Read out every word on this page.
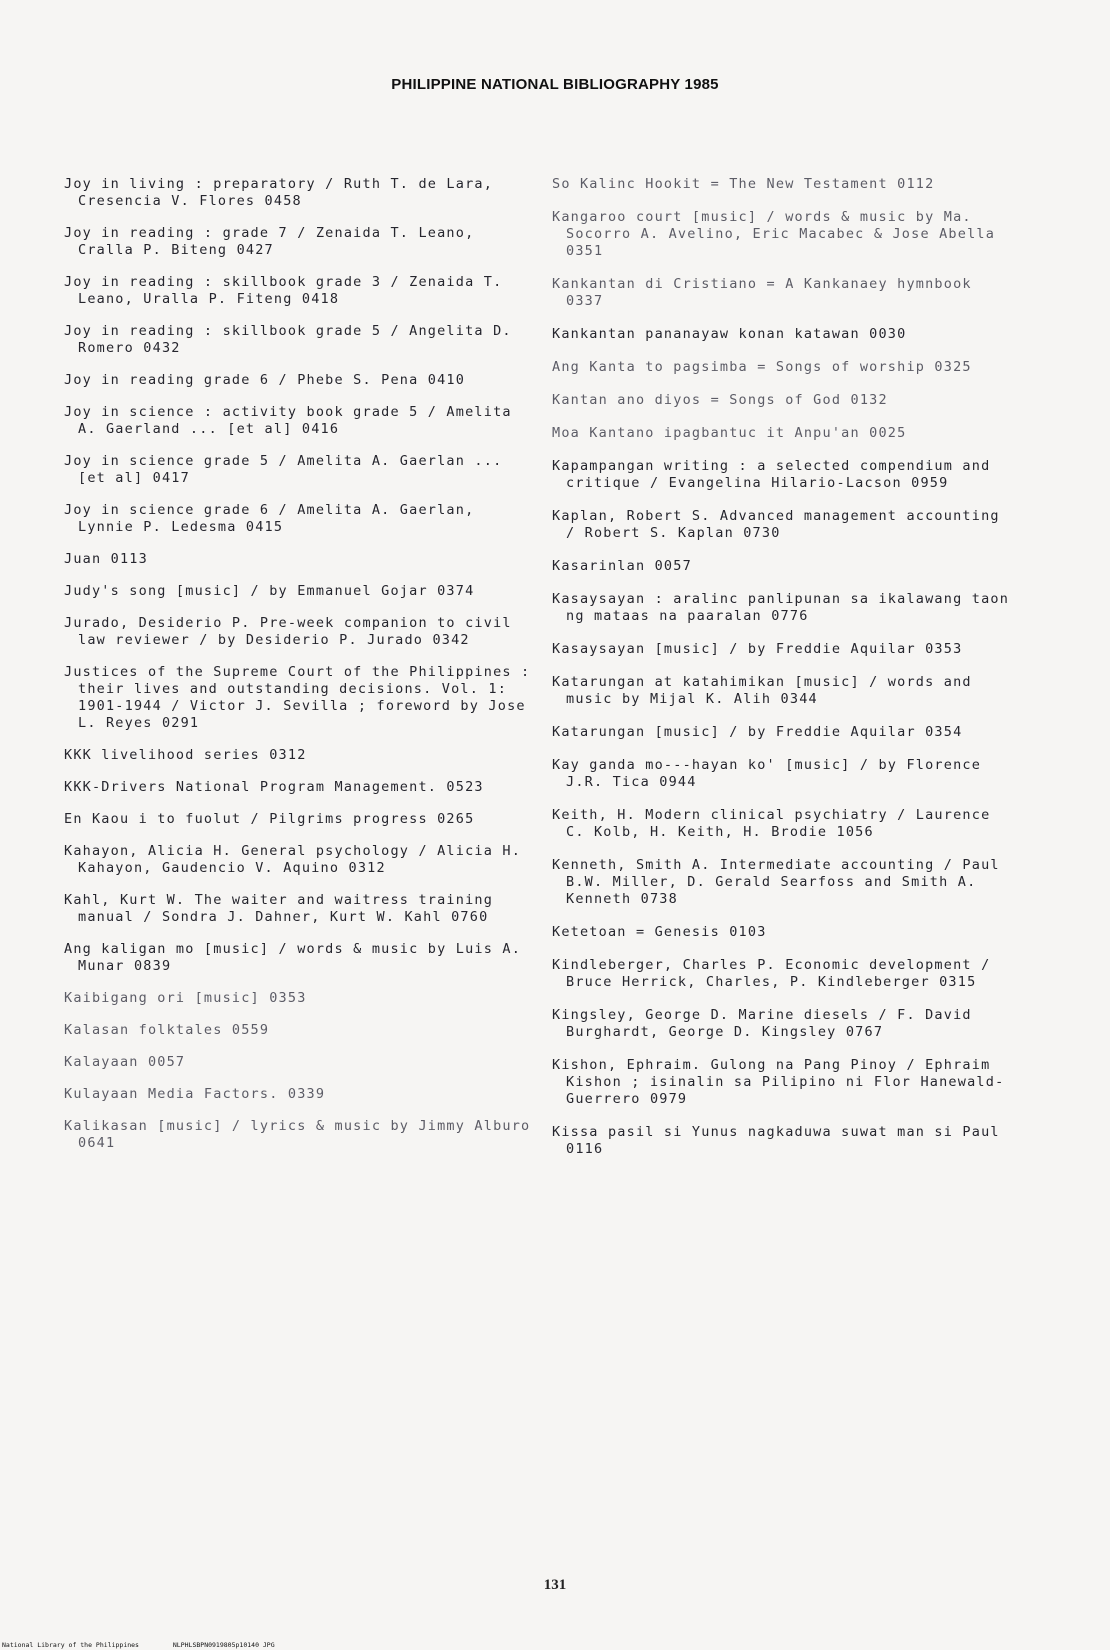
PHILIPPINE NATIONAL BIBLIOGRAPHY 1985

Joy in living : preparatory / Ruth T. de Lara, Cresencia V. Flores 0458

Joy in reading : grade 7 / Zenaida T. Leano, Cralla P. Biteng 0427

Joy in reading : skillbook grade 3 / Zenaida T. Leano, Uralla P. Fiteng 0418

Joy in reading : skillbook grade 5 / Angelita D. Romero 0432

Joy in reading grade 6 / Phebe S. Pena 0410

Joy in science : activity book grade 5 / Amelita A. Gaerland ... [et al] 0416

Joy in science grade 5 / Amelita A. Gaerlan ... [et al] 0417

Joy in science grade 6 / Amelita A. Gaerlan, Lynnie P. Ledesma 0415

Juan 0113

Judy's song [music] / by Emmanuel Gojar 0374

Jurado, Desiderio P. Pre-week companion to civil law reviewer / by Desiderio P. Jurado 0342

Justices of the Supreme Court of the Philippines : their lives and outstanding decisions. Vol. 1: 1901-1944 / Victor J. Sevilla ; foreword by Jose L. Reyes 0291

KKK livelihood series 0312

KKK-Drivers National Program Management. 0523

En Kaou i to fuolut / Pilgrims progress 0265

Kahayon, Alicia H. General psychology / Alicia H. Kahayon, Gaudencio V. Aquino 0312

Kahl, Kurt W. The waiter and waitress training manual / Sondra J. Dahner, Kurt W. Kahl 0760

Ang kaligan mo [music] / words & music by Luis A. Munar 0839

Kaibigang ori [music] 0353

Kalasan folktales 0559

Kalayaan 0057

Kulayaan Media Factors. 0339

Kalikasan [music] / lyrics & music by Jimmy Alburo 0641

So Kalinc Hookit = The New Testament 0112

Kangaroo court [music] / words & music by Ma. Socorro A. Avelino, Eric Macabec & Jose Abella 0351

Kankantan di Cristiano = A Kankanaey hymnbook 0337

Kankantan pananayaw konan katawan 0030

Ang Kanta to pagsimba = Songs of worship 0325

Kantan ano diyos = Songs of God 0132

Moa Kantano ipagbantuc it Anpu'an 0025

Kapampangan writing : a selected compendium and critique / Evangelina Hilario-Lacson 0959

Kaplan, Robert S. Advanced management accounting / Robert S. Kaplan 0730

Kasarinlan 0057

Kasaysayan : aralinc panlipunan sa ikalawang taon ng mataas na paaralan 0776

Kasaysayan [music] / by Freddie Aquilar 0353

Katarungan at katahimikan [music] / words and music by Mijal K. Alih 0344

Katarungan [music] / by Freddie Aquilar 0354

Kay ganda mo---hayan ko' [music] / by Florence J.R. Tica 0944

Keith, H. Modern clinical psychiatry / Laurence C. Kolb, H. Keith, H. Brodie 1056

Kenneth, Smith A. Intermediate accounting / Paul B.W. Miller, D. Gerald Searfoss and Smith A. Kenneth 0738

Ketetoan = Genesis 0103

Kindleberger, Charles P. Economic development / Bruce Herrick, Charles, P. Kindleberger 0315

Kingsley, George D. Marine diesels / F. David Burghardt, George D. Kingsley 0767

Kishon, Ephraim. Gulong na Pang Pinoy / Ephraim Kishon ; isinalin sa Pilipino ni Flor Hanewald-Guerrero 0979

Kissa pasil si Yunus nagkaduwa suwat man si Paul 0116

131
National Library of the Philippines	NLPHLSBPN0919805p10140 JPG
